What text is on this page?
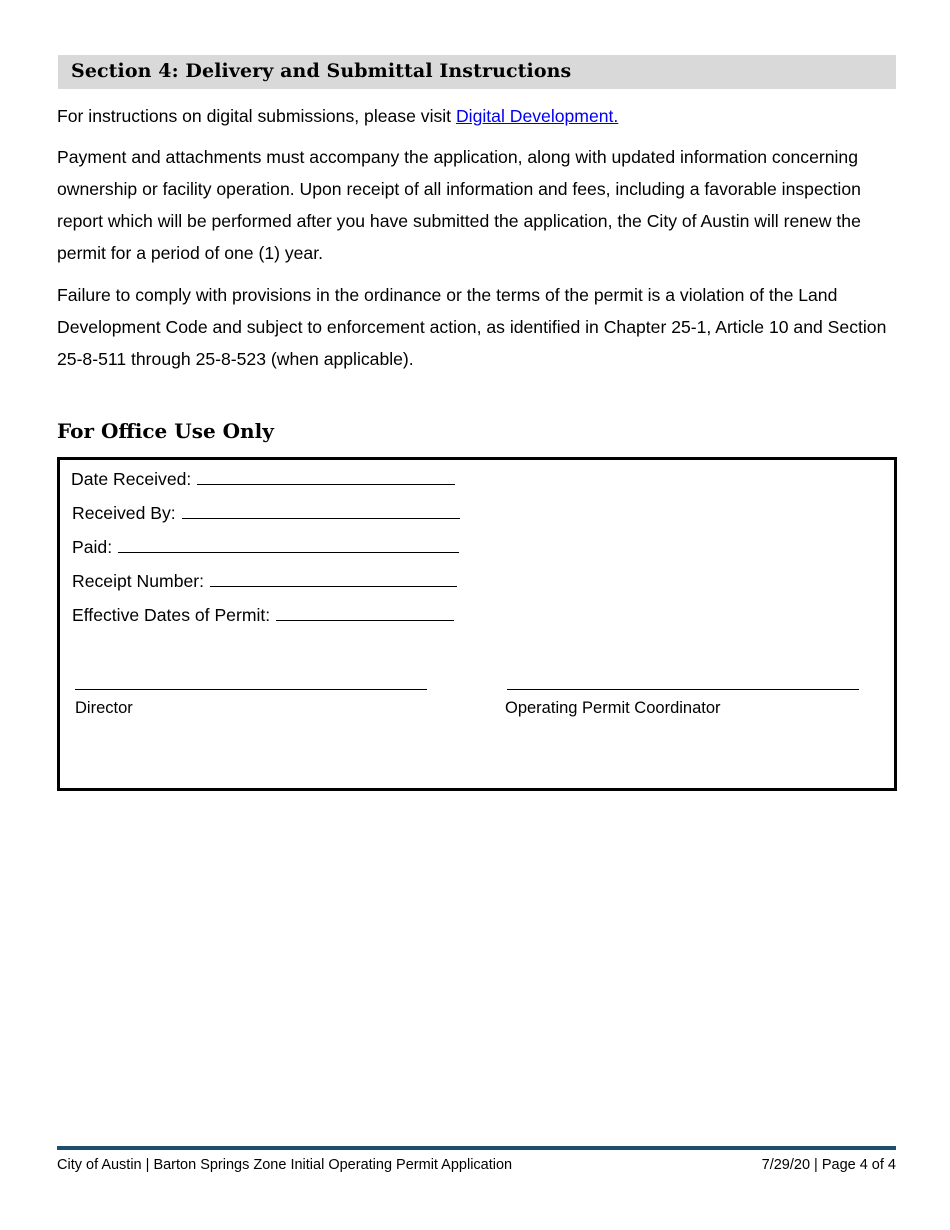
Section 4: Delivery and Submittal Instructions

For instructions on digital submissions, please visit Digital Development.

Payment and attachments must accompany the application, along with updated information concerning ownership or facility operation. Upon receipt of all information and fees, including a favorable inspection report which will be performed after you have submitted the application, the City of Austin will renew the permit for a period of one (1) year.

Failure to comply with provisions in the ordinance or the terms of the permit is a violation of the Land Development Code and subject to enforcement action, as identified in Chapter 25-1, Article 10 and Section 25-8-511 through 25-8-523 (when applicable).

For Office Use Only
Date Received:
Received By:
Paid:
Receipt Number:
Effective Dates of Permit:
Director	Operating Permit Coordinator
City of Austin | Barton Springs Zone Initial Operating Permit Application	7/29/20 | Page 4 of 4
